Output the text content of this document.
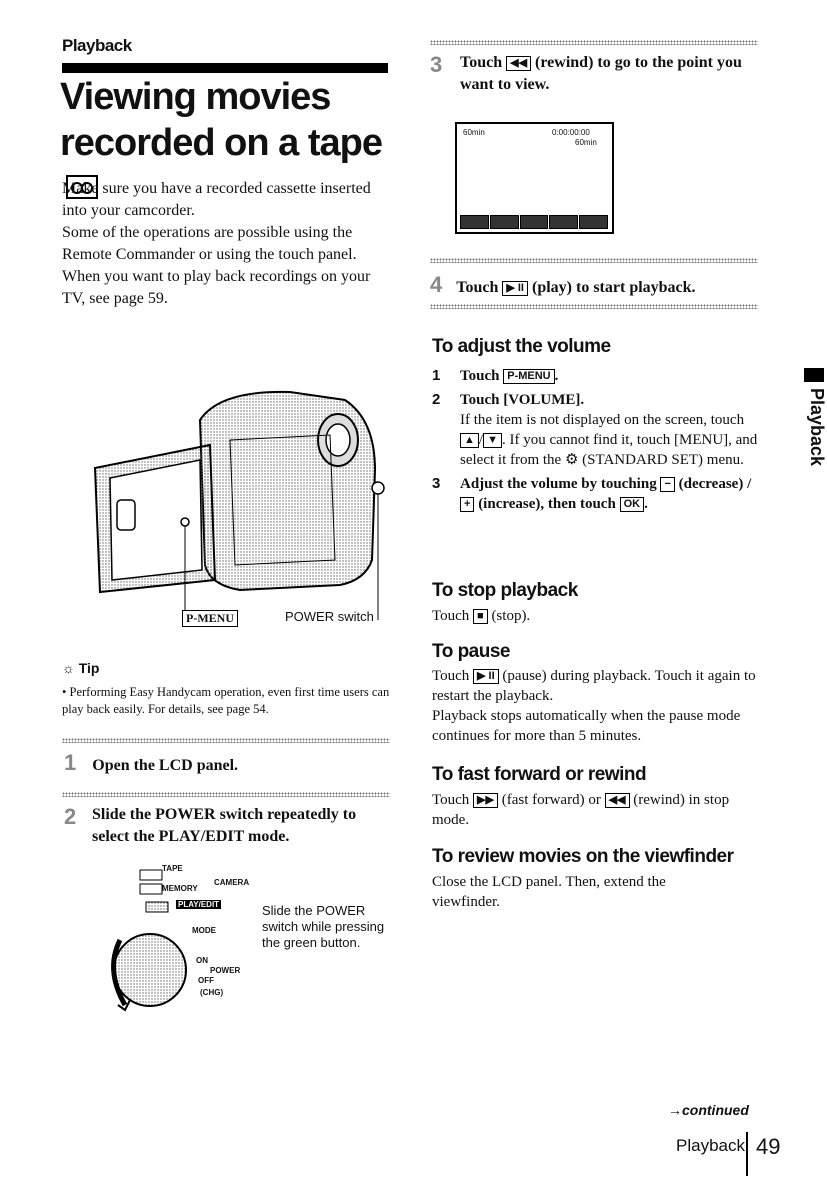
Playback
Viewing movies
recorded on a tape

Make sure you have a recorded cassette inserted into your camcorder.

Some of the operations are possible using the Remote Commander or using the touch panel.

When you want to play back recordings on your TV, see page 59.

P-MENU	POWER switch
☼ Tip
• Performing Easy Handycam operation, even first time users can play back easily. For details, see page 54.
1 Open the LCD panel.
2 Slide the POWER switch repeatedly to select the PLAY/EDIT mode.
TAPE
CAMERA
MEMORY
PLAY/EDIT
MODE
ON
POWER
OFF
(CHG)
Slide the POWER switch while pressing the green button.
3 Touch ◀◀ (rewind) to go to the point you want to view.
60min	0:00:00:00
60min
4 Touch ▶ II (play) to start playback.
To adjust the volume
1 Touch P-MENU .
2 Touch [VOLUME].
If the item is not displayed on the screen, touch ▲ / ▼ . If you cannot find it, touch [MENU], and select it from the ⚙ (STANDARD SET) menu.
3 Adjust the volume by touching − (decrease) / + (increase), then touch OK .
To stop playback
Touch ■ (stop).
To pause
Touch ▶ II (pause) during playback. Touch it again to restart the playback.
Playback stops automatically when the pause mode continues for more than 5 minutes.
To fast forward or rewind
Touch ▶▶ (fast forward) or ◀◀ (rewind) in stop mode.
To review movies on the viewfinder
Close the LCD panel. Then, extend the viewfinder.
Playback
→continued
Playback 49
